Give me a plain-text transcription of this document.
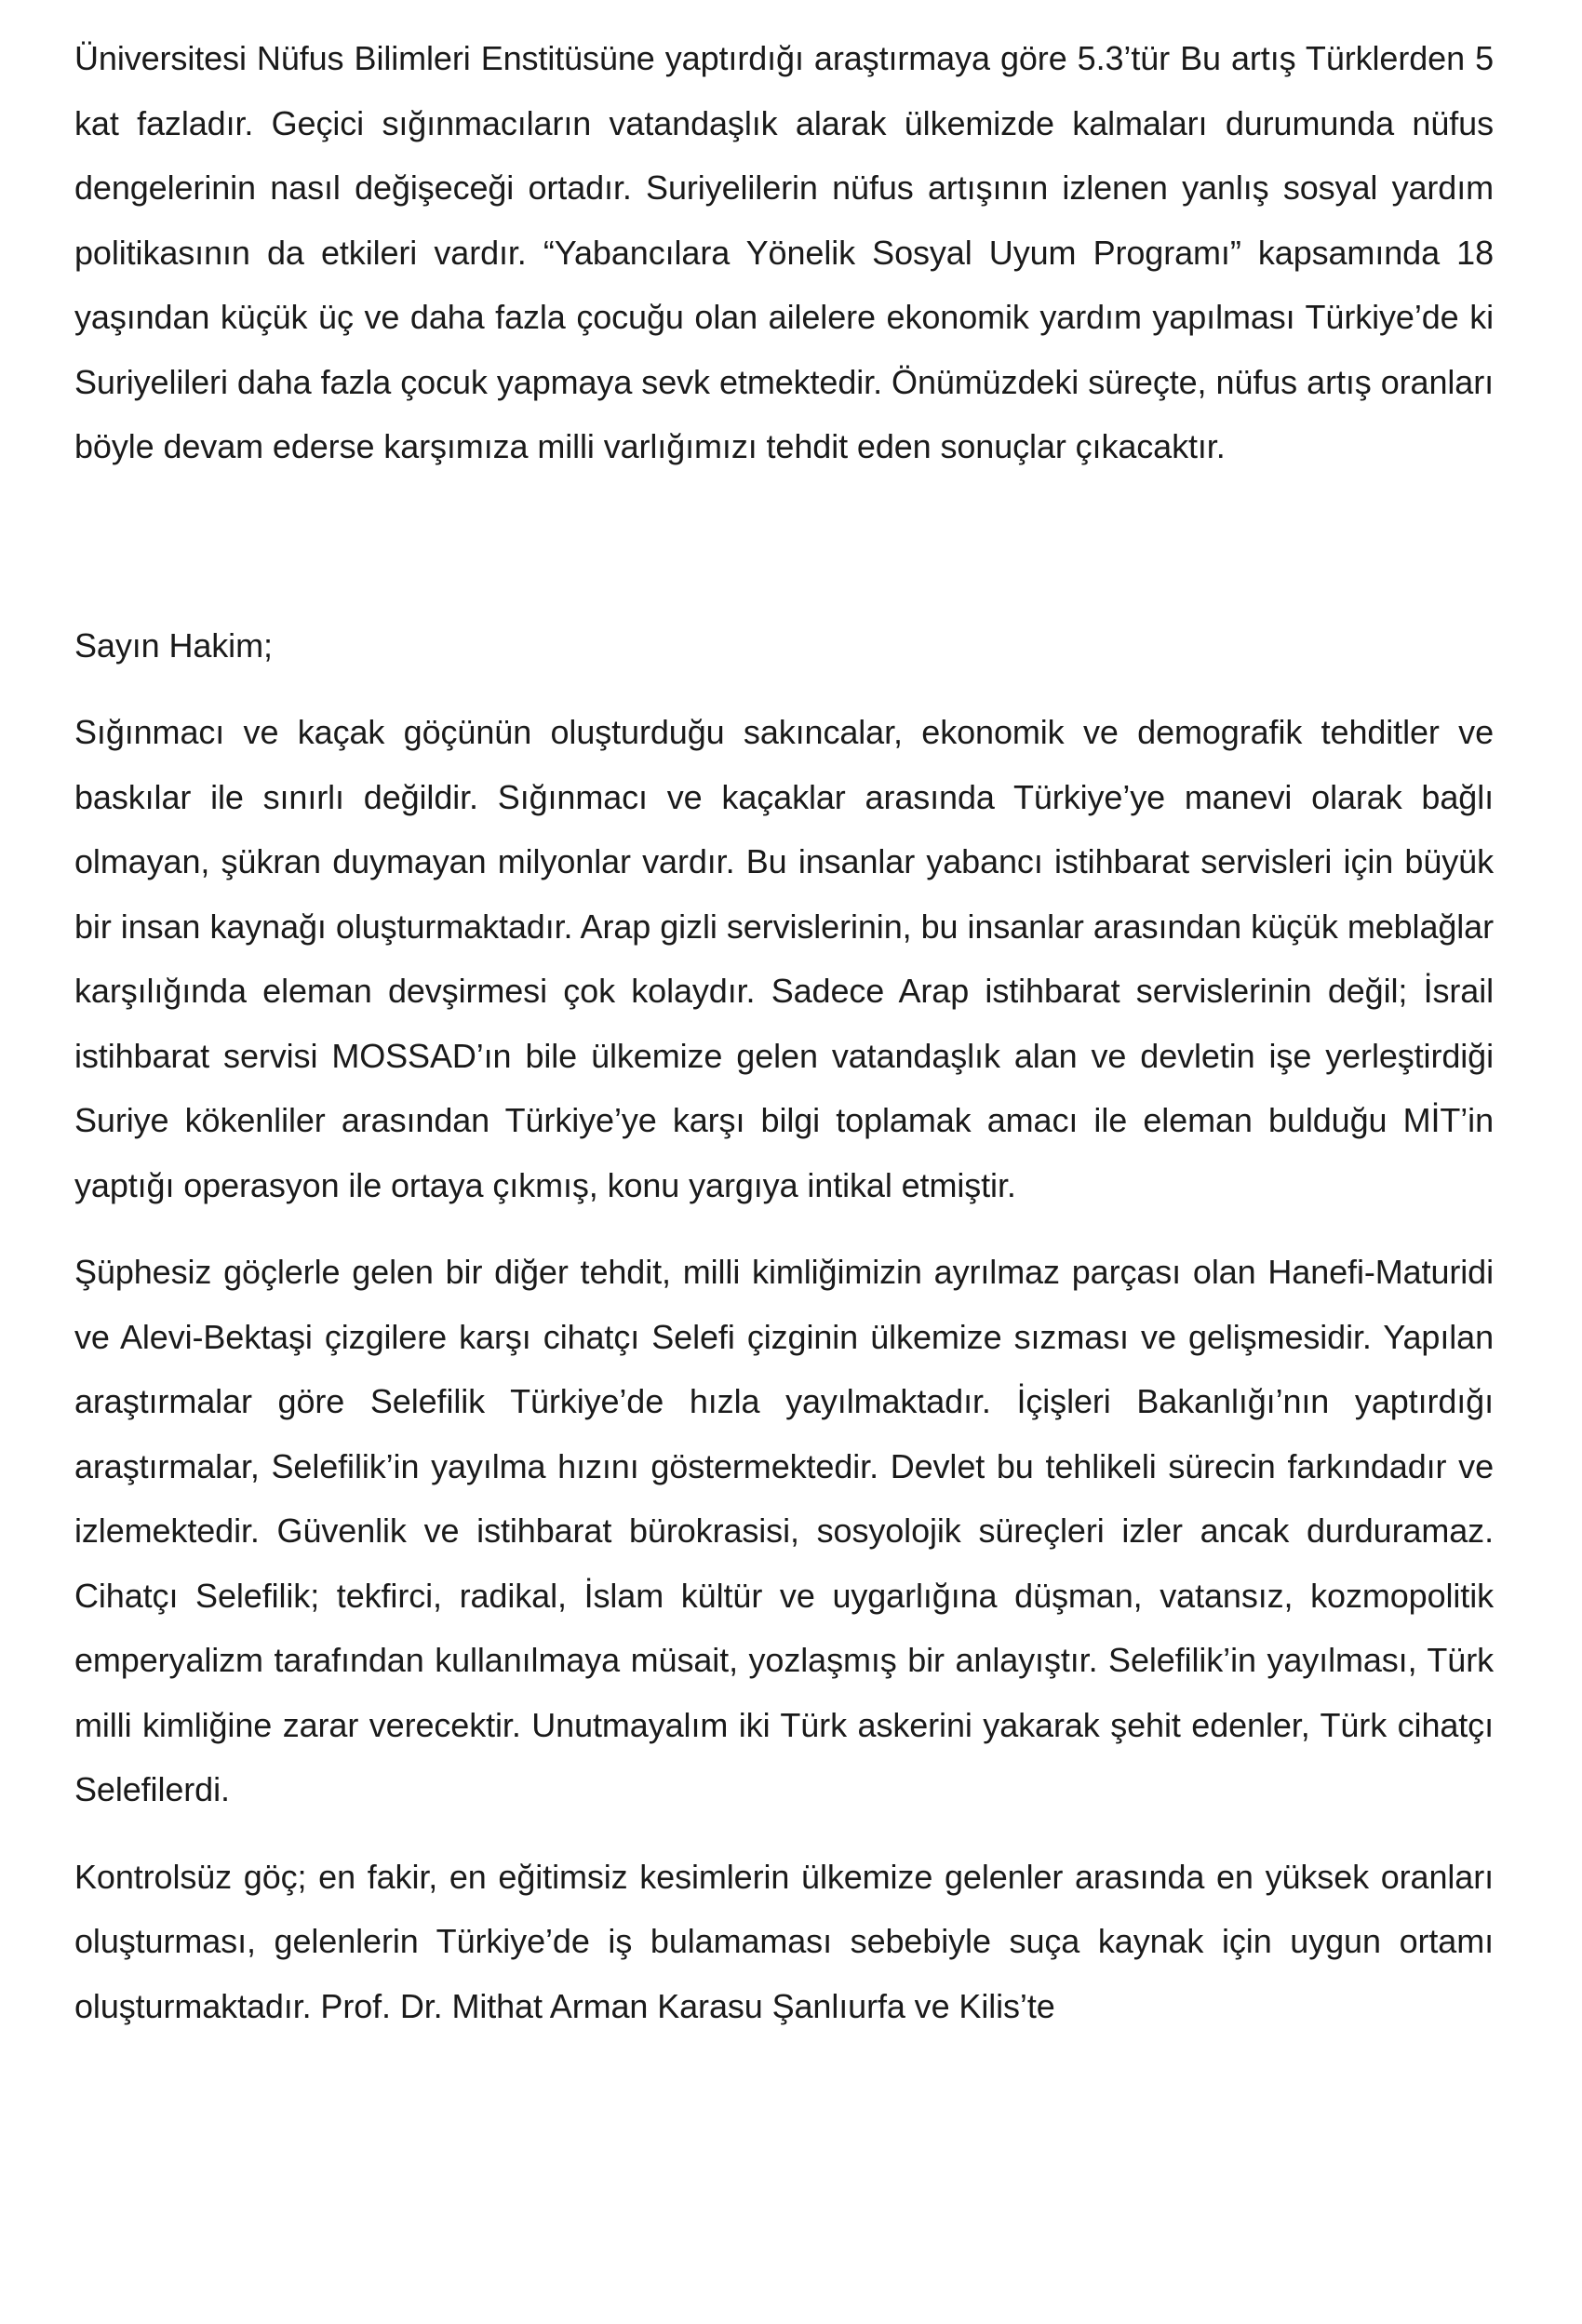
Üniversitesi Nüfus Bilimleri Enstitüsüne yaptırdığı araştırmaya göre 5.3’tür Bu artış Türklerden 5 kat fazladır. Geçici sığınmacıların vatandaşlık alarak ülkemizde kalmaları durumunda nüfus dengelerinin nasıl değişeceği ortadır. Suriyelilerin nüfus artışının izlenen yanlış sosyal yardım politikasının da etkileri vardır. “Yabancılara Yönelik Sosyal Uyum Programı” kapsamında 18 yaşından küçük üç ve daha fazla çocuğu olan ailelere ekonomik yardım yapılması Türkiye’de ki Suriyelileri daha fazla çocuk yapmaya sevk etmektedir. Önümüzdeki süreçte, nüfus artış oranları böyle devam ederse karşımıza milli varlığımızı tehdit eden sonuçlar çıkacaktır.

Sayın Hakim;

Sığınmacı ve kaçak göçünün oluşturduğu sakıncalar, ekonomik ve demografik tehditler ve baskılar ile sınırlı değildir. Sığınmacı ve kaçaklar arasında Türkiye’ye manevi olarak bağlı olmayan, şükran duymayan milyonlar vardır. Bu insanlar yabancı istihbarat servisleri için büyük bir insan kaynağı oluşturmaktadır. Arap gizli servislerinin, bu insanlar arasından küçük meblağlar karşılığında eleman devşirmesi çok kolaydır. Sadece Arap istihbarat servislerinin değil; İsrail istihbarat servisi MOSSAD’ın bile ülkemize gelen vatandaşlık alan ve devletin işe yerleştirdiği Suriye kökenliler arasından Türkiye’ye karşı bilgi toplamak amacı ile eleman bulduğu MİT’in yaptığı operasyon ile ortaya çıkmış, konu yargıya intikal etmiştir.

Şüphesiz göçlerle gelen bir diğer tehdit, milli kimliğimizin ayrılmaz parçası olan Hanefi-Maturidi ve Alevi-Bektaşi çizgilere karşı cihatçı Selefi çizginin ülkemize sızması ve gelişmesidir. Yapılan araştırmalar göre Selefilik Türkiye’de hızla yayılmaktadır. İçişleri Bakanlığı’nın yaptırdığı araştırmalar, Selefilik’in yayılma hızını göstermektedir. Devlet bu tehlikeli sürecin farkındadır ve izlemektedir. Güvenlik ve istihbarat bürokrasisi, sosyolojik süreçleri izler ancak durduramaz. Cihatçı Selefilik; tekfirci, radikal, İslam kültür ve uygarlığına düşman, vatansız, kozmopolitik emperyalizm tarafından kullanılmaya müsait, yozlaşmış bir anlayıştır. Selefilik’in yayılması, Türk milli kimliğine zarar verecektir. Unutmayalım iki Türk askerini yakarak şehit edenler, Türk cihatçı Selefilerdi.

Kontrolsüz göç; en fakir, en eğitimsiz kesimlerin ülkemize gelenler arasında en yüksek oranları oluşturması, gelenlerin Türkiye’de iş bulamaması sebebiyle suça kaynak için uygun ortamı oluşturmaktadır. Prof. Dr. Mithat Arman Karasu Şanlıurfa ve Kilis’te
